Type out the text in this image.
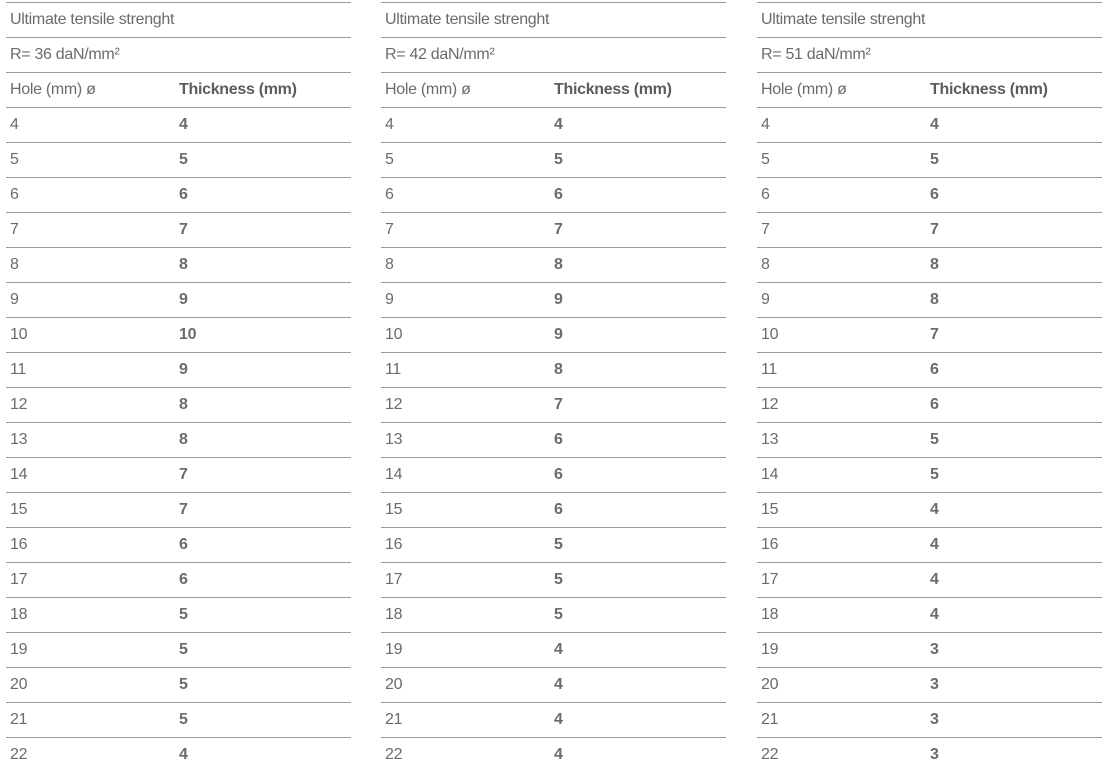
Ultimate tensile strenght
R= 36 daN/mm²
Hole (mm) ø	Thickness (mm)
4	4
5	5
6	6
7	7
8	8
9	9
10	10
11	9
12	8
13	8
14	7
15	7
16	6
17	6
18	5
19	5
20	5
21	5
22	4
Ultimate tensile strenght
R= 42 daN/mm²
Hole (mm) ø	Thickness (mm)
4	4
5	5
6	6
7	7
8	8
9	9
10	9
11	8
12	7
13	6
14	6
15	6
16	5
17	5
18	5
19	4
20	4
21	4
22	4
Ultimate tensile strenght
R= 51 daN/mm²
Hole (mm) ø	Thickness (mm)
4	4
5	5
6	6
7	7
8	8
9	8
10	7
11	6
12	6
13	5
14	5
15	4
16	4
17	4
18	4
19	3
20	3
21	3
22	3
